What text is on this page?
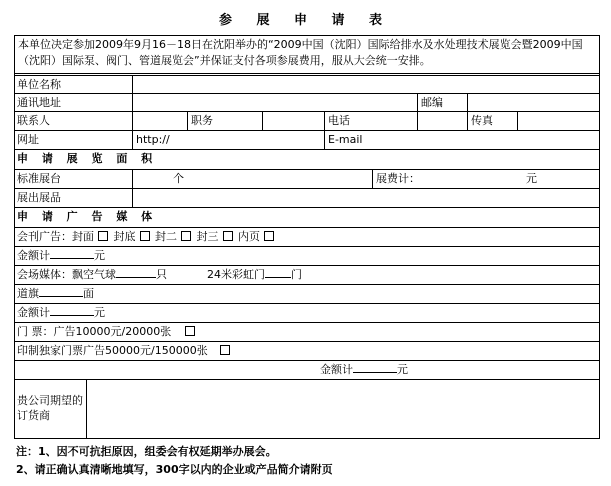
参 展 申 请 表
本单位决定参加2009年9月16－18日在沈阳举办的“2009中国（沈阳）国际给排水及水处理技术展览会暨2009中国（沈阳）国际泵、阀门、管道展览会”并保证支付各项参展费用，服从大会统一安排。
单位名称
通讯地址	邮编
联系人	职务	电话	传真
网址	http://	E-mail
申 请 展 览 面 积
标准展台	个	展费计：	元
展出展品
申 请 广 告 媒 体
会刊广告：封面 封底 封二 封三 内页
金额计	元
会场媒体：飘空气球	只	24米彩虹门 门
道旗	面
金额计	元
门 票：广告10000元/20000张
印制独家门票广告50000元/150000张
金额计	元
贵公司期望的订货商
注：1、因不可抗拒原因，组委会有权延期举办展会。
2、请正确认真清晰地填写，300字以内的企业或产品简介请附页
